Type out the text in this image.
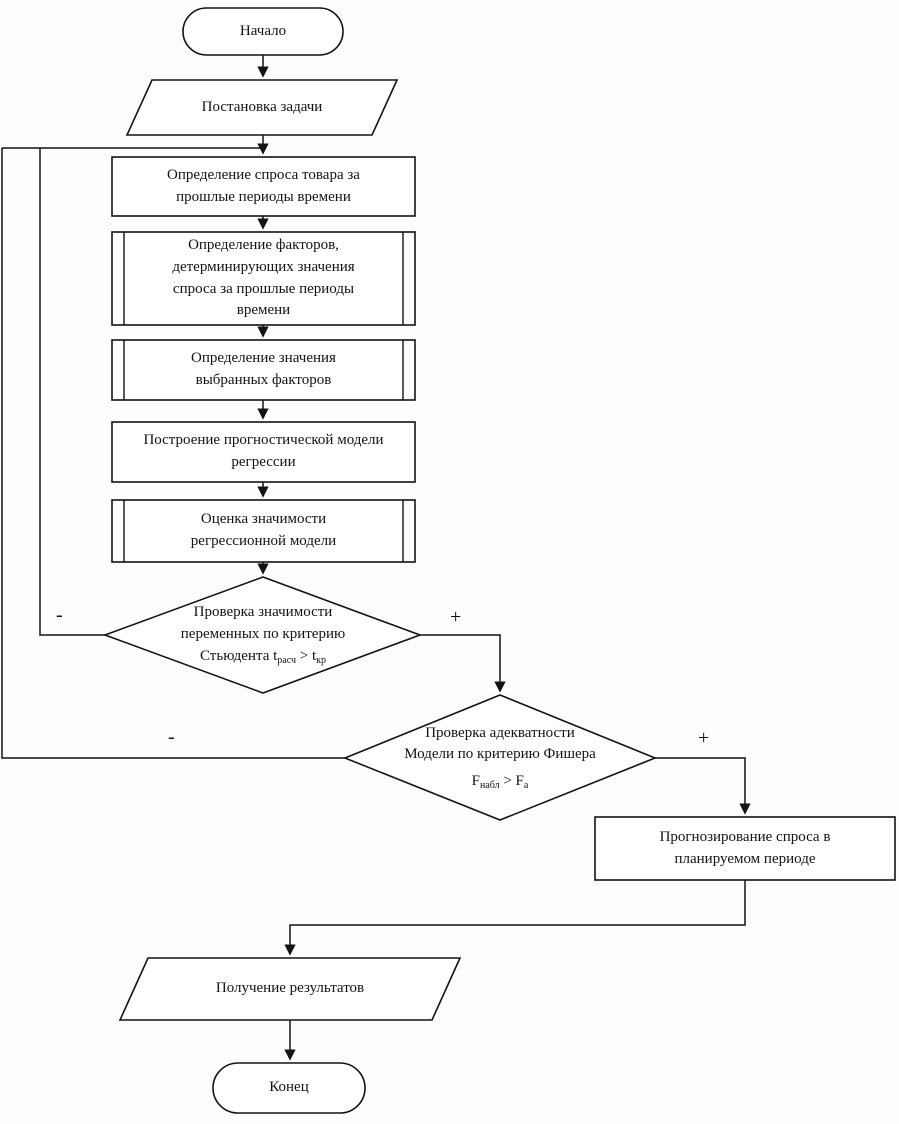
Начало
Постановка задачи
Определение спроса товара за
прошлые периоды времени
Определение факторов,
детерминирующих значения
спроса за прошлые периоды
времени
Определение значения
выбранных факторов
Построение прогностической модели
регрессии
Оценка значимости
регрессионной модели
Проверка значимости
переменных по критерию
Стьюдента $t_{расч} > t_{кр}$
Проверка адекватности
Модели по критерию Фишера
$F_{набл} > F_a$
Прогнозирование спроса в
планируемом периоде
Получение результатов
Конец
-	+
-	+
